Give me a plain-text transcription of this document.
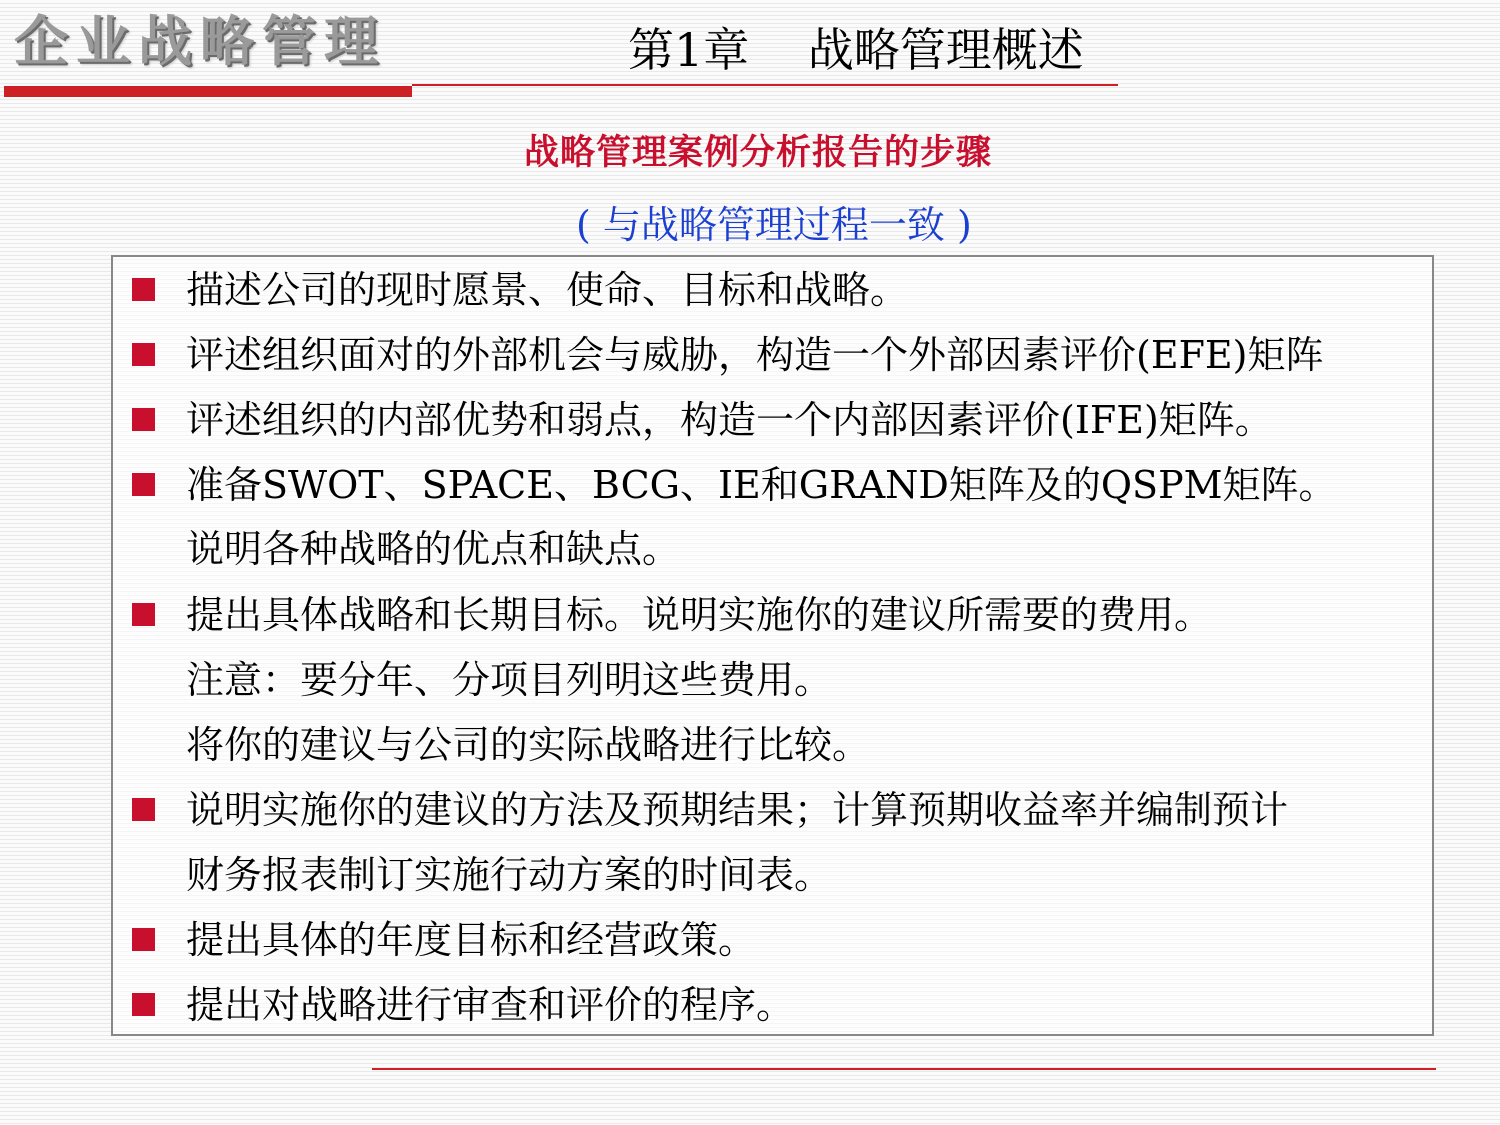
企业战略管理	第1章    战略管理概述
战略管理案例分析报告的步骤
( 与战略管理过程一致 )
描述公司的现时愿景、使命、目标和战略。
评述组织面对的外部机会与威胁，构造一个外部因素评价(EFE)矩阵
评述组织的内部优势和弱点，构造一个内部因素评价(IFE)矩阵。
准备SWOT、SPACE、BCG、IE和GRAND矩阵及的QSPM矩阵。
说明各种战略的优点和缺点。
提出具体战略和长期目标。说明实施你的建议所需要的费用。
注意：要分年、分项目列明这些费用。
将你的建议与公司的实际战略进行比较。
说明实施你的建议的方法及预期结果；计算预期收益率并编制预计
财务报表制订实施行动方案的时间表。
提出具体的年度目标和经营政策。
提出对战略进行审查和评价的程序。
